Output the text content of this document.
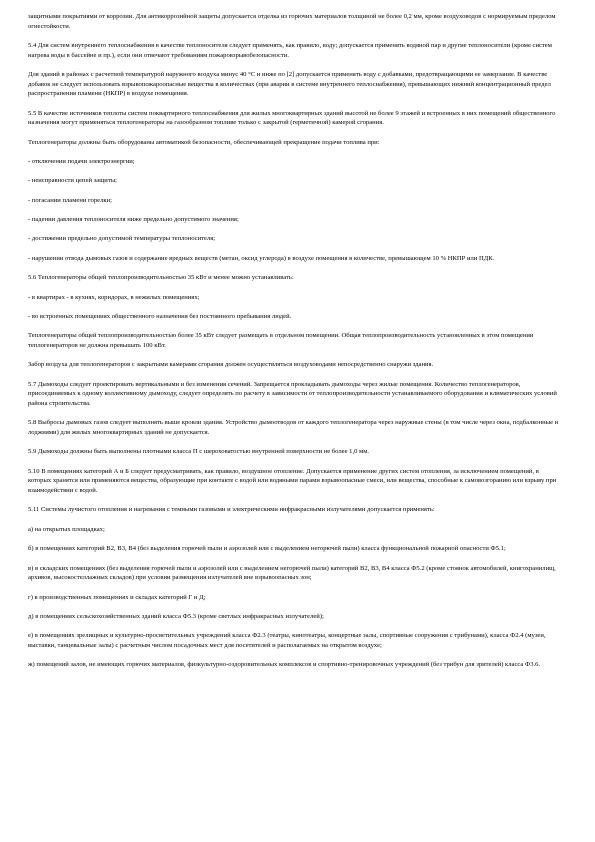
защитными покрытиями от коррозии. Для антикоррозийной защиты допускается отделка из горючих материалов толщиной не более 0,2 мм, кроме воздуховодов с нормируемым пределом огнестойкости.

5.4 Для систем внутреннего теплоснабжения в качестве теплоносителя следует применять, как правило, воду; допускается применять водяной пар и другие теплоносители (кроме систем нагрева воды в бассейне и пр.), если они отвечают требованиям пожаровзрывобезопасности.

Для зданий в районах с расчетной температурой наружного воздуха минус 40 °С и ниже по [2] допускается применять воду с добавками, предотвращающими ее замерзание. В качестве добавок не следует использовать взрывопожароопасные вещества в количествах (при аварии в системе внутреннего теплоснабжения), превышающих нижний концентрационный предел распространения пламени (НКПР) в воздухе помещения.

5.5 В качестве источников теплоты систем поквартирного теплоснабжения для жилых многоквартирных зданий высотой не более 9 этажей и встроенных в них помещений общественного назначения могут применяться теплогенераторы на газообразном топливе только с закрытой (герметичной) камерой сгорания.

Теплогенераторы должны быть оборудованы автоматикой безопасности, обеспечивающей прекращение подачи топлива при:

- отключении подачи электроэнергии;

- неисправности цепей защиты;

- погасании пламени горелки;

- падении давления теплоносителя ниже предельно допустимого значения;

- достижении предельно допустимой температуры теплоносителя;

- нарушении отвода дымовых газов и содержание вредных веществ (метан, оксид углерода) в воздухе помещения в количестве, превышающем 10 % НКПР или ПДК.

5.6 Теплогенераторы общей теплопроизводительностью 35 кВт и менее можно устанавливать:

- в квартирах - в кухнях, коридорах, в нежилых помещениях;

- во встроенных помещениях общественного назначения без постоянного пребывания людей.

Теплогенераторы общей теплопроизводительностью более 35 кВт следует размещать в отдельном помещении. Общая теплопроизводительность установленных в этом помещении теплогенераторов не должна превышать 100 кВт.

Забор воздуха для теплогенераторов с закрытыми камерами сгорания должен осуществляться воздуховодами непосредственно снаружи здания.

5.7 Дымоходы следует проектировать вертикальными и без изменения сечений. Запрещается прокладывать дымоходы через жилые помещения. Количество теплогенераторов, присоединяемых к одному коллективному дымоходу, следует определять по расчету в зависимости от теплопроизводительности устанавливаемого оборудования и климатических условий района строительства.

5.8 Выбросы дымовых газов следует выполнять выше кровли здания. Устройство дымоотводов от каждого теплогенератора через наружные стены (в том числе через окна, подбалконные и лоджиями) для жилых многоквартирных зданий не допускается.

5.9 Дымоходы должны быть выполнены плотными класса П с шероховатостью внутренней поверхности не более 1,0 мм.

5.10 В помещениях категорий А и Б следует предусматривать, как правило, воздушное отопление. Допускается применение других систем отопления, за исключением помещений, в которых хранятся или применяются вещества, образующие при контакте с водой или водяными парами взрывоопасные смеси, или вещества, способные к самовозгоранию или взрыву при взаимодействии с водой.

5.11 Системы лучистого отопления и нагревания с темными газовыми и электрическими инфракрасными излучателями допускается применять:

а) на открытых площадках;

б) в помещениях категорий В2, В3, В4 (без выделения горючей пыли и аэрозолей или с выделением негорючей пыли) класса функциональной пожарной опасности Ф5.1;

в) в складских помещениях (без выделения горючей пыли и аэрозолей или с выделением негорючей пыли) категорий В2, В3, В4 класса Ф5.2 (кроме стоянок автомобилей, книгохранилищ, архивов, высокостеллажных складов) при условии размещения излучателей вне взрывоопасных зон;

г) в производственных помещениях и складах категорий Г и Д;

д) в помещениях сельскохозяйственных зданий класса Ф5.3 (кроме светлых инфракрасных излучателей);

е) в помещениях зрелищных и культурно-просветительных учреждений класса Ф2.3 (театры, кинотеатры, концертные залы, спортивные сооружения с трибунами), класса Ф2.4 (музеи, выставки, танцевальные залы) с расчетным числом посадочных мест для посетителей и располагаемых на открытом воздухе;

ж) помещений залов, не имеющих горючих материалов, физкультурно-оздоровительных комплексов и спортивно-тренировочных учреждений (без трибун для зрителей) класса Ф3.6.
